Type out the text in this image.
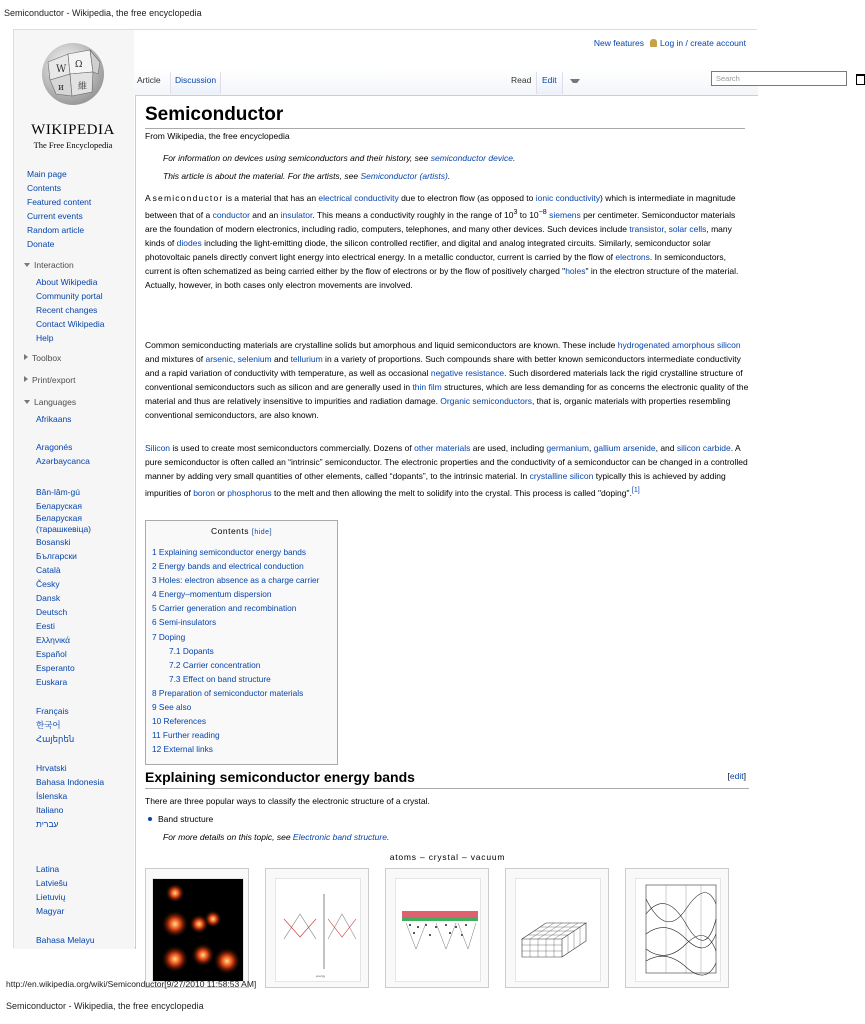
Semiconductor - Wikipedia, the free encyclopedia
W Ω
и 維
WIKIPEDIA
The Free Encyclopedia
Main page
Contents
Featured content
Current events
Random article
Donate
Interaction
About Wikipedia
Community portal
Recent changes
Contact Wikipedia
Help
Toolbox
Print/export
Languages
Afrikaans
Aragonés
Azərbaycanca
Bân-lâm-gú
Беларуская
Беларуская
(тарашкевіца)
Bosanski
Български
Català
Česky
Dansk
Deutsch
Eesti
Ελληνικά
Español
Esperanto
Euskara
Français
한국어
Հայերեն
Hrvatski
Bahasa Indonesia
Íslenska
Italiano
עברית
Latina
Latviešu
Lietuvių
Magyar
Bahasa Melayu
New features Log in / create account
Article	Discussion	Read	Edit	Search
Semiconductor
From Wikipedia, the free encyclopedia
For information on devices using semiconductors and their history, see semiconductor device.
This article is about the material. For the artists, see Semiconductor (artists).
A semiconductor is a material that has an electrical conductivity due to electron flow (as opposed to ionic conductivity) which is intermediate in magnitude between that of a conductor and an insulator. This means a conductivity roughly in the range of $10^3$ to $10^{-8}$ siemens per centimeter. Semiconductor materials are the foundation of modern electronics, including radio, computers, telephones, and many other devices. Such devices include transistor, solar cells, many kinds of diodes including the light-emitting diode, the silicon controlled rectifier, and digital and analog integrated circuits. Similarly, semiconductor solar photovoltaic panels directly convert light energy into electrical energy. In a metallic conductor, current is carried by the flow of electrons. In semiconductors, current is often schematized as being carried either by the flow of electrons or by the flow of positively charged "holes" in the electron structure of the material. Actually, however, in both cases only electron movements are involved.
Common semiconducting materials are crystalline solids but amorphous and liquid semiconductors are known. These include hydrogenated amorphous silicon and mixtures of arsenic, selenium and tellurium in a variety of proportions. Such compounds share with better known semiconductors intermediate conductivity and a rapid variation of conductivity with temperature, as well as occasional negative resistance. Such disordered materials lack the rigid crystalline structure of conventional semiconductors such as silicon and are generally used in thin film structures, which are less demanding for as concerns the electronic quality of the material and thus are relatively insensitive to impurities and radiation damage. Organic semiconductors, that is, organic materials with properties resembling conventional semiconductors, are also known.
Silicon is used to create most semiconductors commercially. Dozens of other materials are used, including germanium, gallium arsenide, and silicon carbide. A pure semiconductor is often called an “intrinsic” semiconductor. The electronic properties and the conductivity of a semiconductor can be changed in a controlled manner by adding very small quantities of other elements, called “dopants”, to the intrinsic material. In crystalline silicon typically this is achieved by adding impurities of boron or phosphorus to the melt and then allowing the melt to solidify into the crystal. This process is called "doping".[1]
Contents [hide]
1 Explaining semiconductor energy bands
2 Energy bands and electrical conduction
3 Holes: electron absence as a charge carrier
4 Energy–momentum dispersion
5 Carrier generation and recombination
6 Semi-insulators
7 Doping
7.1 Dopants
7.2 Carrier concentration
7.3 Effect on band structure
8 Preparation of semiconductor materials
9 See also
10 References
11 Further reading
12 External links
Explaining semiconductor energy bands	[edit]
There are three popular ways to classify the electronic structure of a crystal.
Band structure
For more details on this topic, see Electronic band structure.
atoms – crystal – vacuum
energy
http://en.wikipedia.org/wiki/Semiconductor[9/27/2010 11:58:53 AM]
Semiconductor - Wikipedia, the free encyclopedia
